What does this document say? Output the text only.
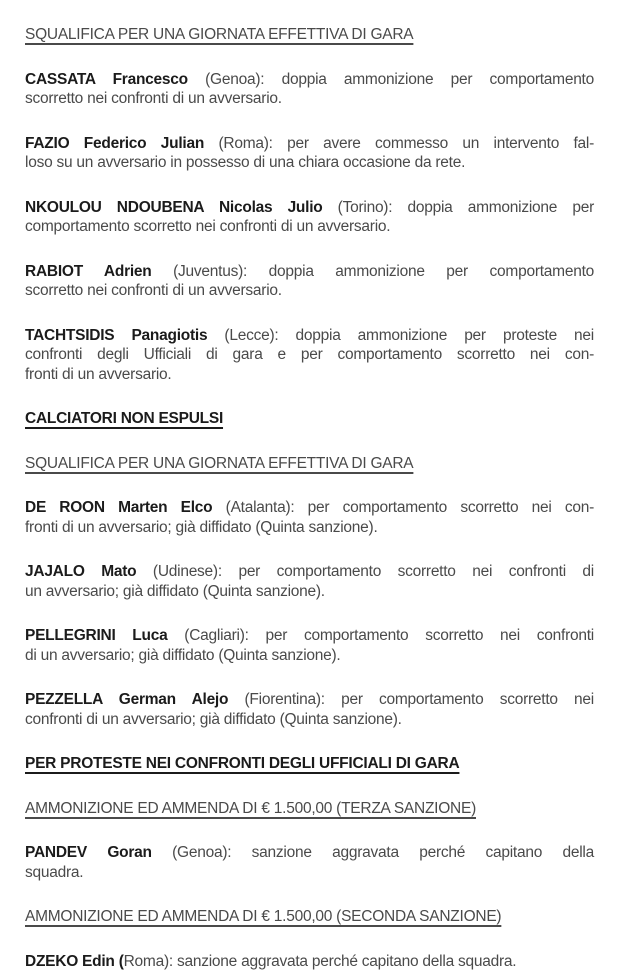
SQUALIFICA PER UNA GIORNATA EFFETTIVA DI GARA

CASSATA Francesco (Genoa): doppia ammonizione per comportamento
scorretto nei confronti di un avversario.
FAZIO Federico Julian (Roma): per avere commesso un intervento fal-
loso su un avversario in possesso di una chiara occasione da rete.
NKOULOU NDOUBENA Nicolas Julio (Torino): doppia ammonizione per
comportamento scorretto nei confronti di un avversario.
RABIOT Adrien (Juventus): doppia ammonizione per comportamento
scorretto nei confronti di un avversario.
TACHTSIDIS Panagiotis (Lecce): doppia ammonizione per proteste nei
confronti degli Ufficiali di gara e per comportamento scorretto nei con-
fronti di un avversario.

CALCIATORI NON ESPULSI

SQUALIFICA PER UNA GIORNATA EFFETTIVA DI GARA

DE ROON Marten Elco (Atalanta): per comportamento scorretto nei con-
fronti di un avversario; già diffidato (Quinta sanzione).
JAJALO Mato (Udinese): per comportamento scorretto nei confronti di
un avversario; già diffidato (Quinta sanzione).
PELLEGRINI Luca (Cagliari): per comportamento scorretto nei confronti
di un avversario; già diffidato (Quinta sanzione).
PEZZELLA German Alejo (Fiorentina): per comportamento scorretto nei
confronti di un avversario; già diffidato (Quinta sanzione).

PER PROTESTE NEI CONFRONTI DEGLI UFFICIALI DI GARA

AMMONIZIONE ED AMMENDA DI € 1.500,00 (TERZA SANZIONE)

PANDEV Goran (Genoa): sanzione aggravata perché capitano della
squadra.

AMMONIZIONE ED AMMENDA DI € 1.500,00 (SECONDA SANZIONE)

DZEKO Edin (Roma): sanzione aggravata perché capitano della squadra.
